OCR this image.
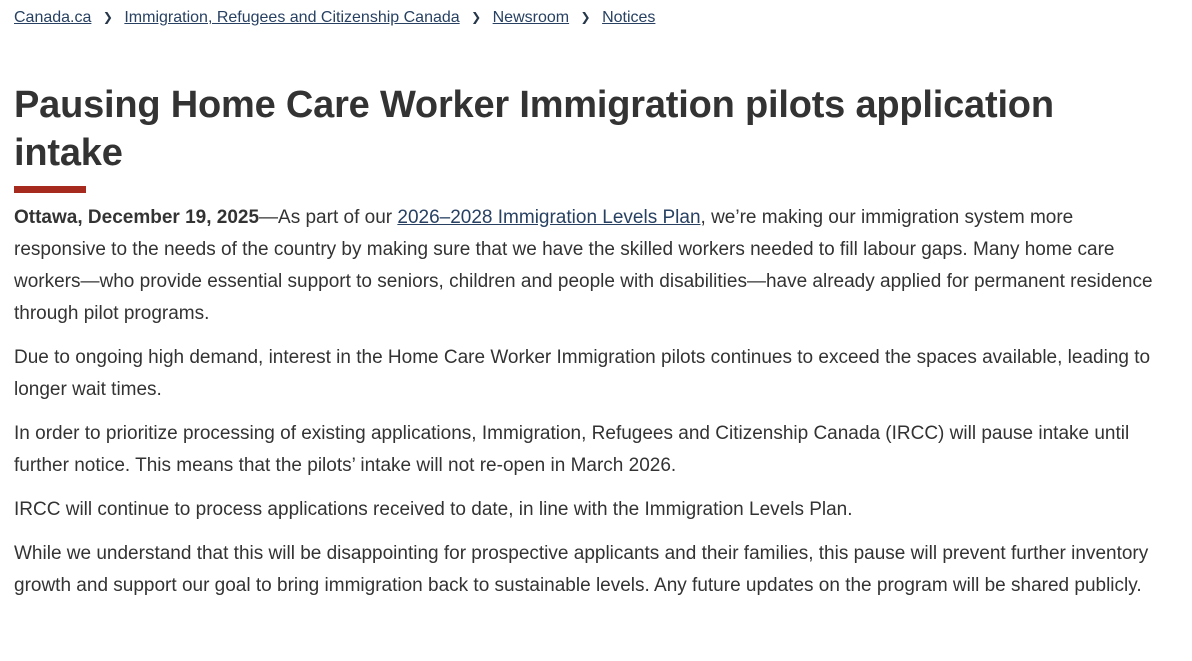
Canada.ca ❯ Immigration, Refugees and Citizenship Canada ❯ Newsroom ❯ Notices
Pausing Home Care Worker Immigration pilots application intake

Ottawa, December 19, 2025—As part of our 2026–2028 Immigration Levels Plan, we’re making our immigration system more responsive to the needs of the country by making sure that we have the skilled workers needed to fill labour gaps. Many home care workers—who provide essential support to seniors, children and people with disabilities—have already applied for permanent residence through pilot programs.

Due to ongoing high demand, interest in the Home Care Worker Immigration pilots continues to exceed the spaces available, leading to longer wait times.

In order to prioritize processing of existing applications, Immigration, Refugees and Citizenship Canada (IRCC) will pause intake until further notice. This means that the pilots’ intake will not re-open in March 2026.

IRCC will continue to process applications received to date, in line with the Immigration Levels Plan.

While we understand that this will be disappointing for prospective applicants and their families, this pause will prevent further inventory growth and support our goal to bring immigration back to sustainable levels. Any future updates on the program will be shared publicly.
